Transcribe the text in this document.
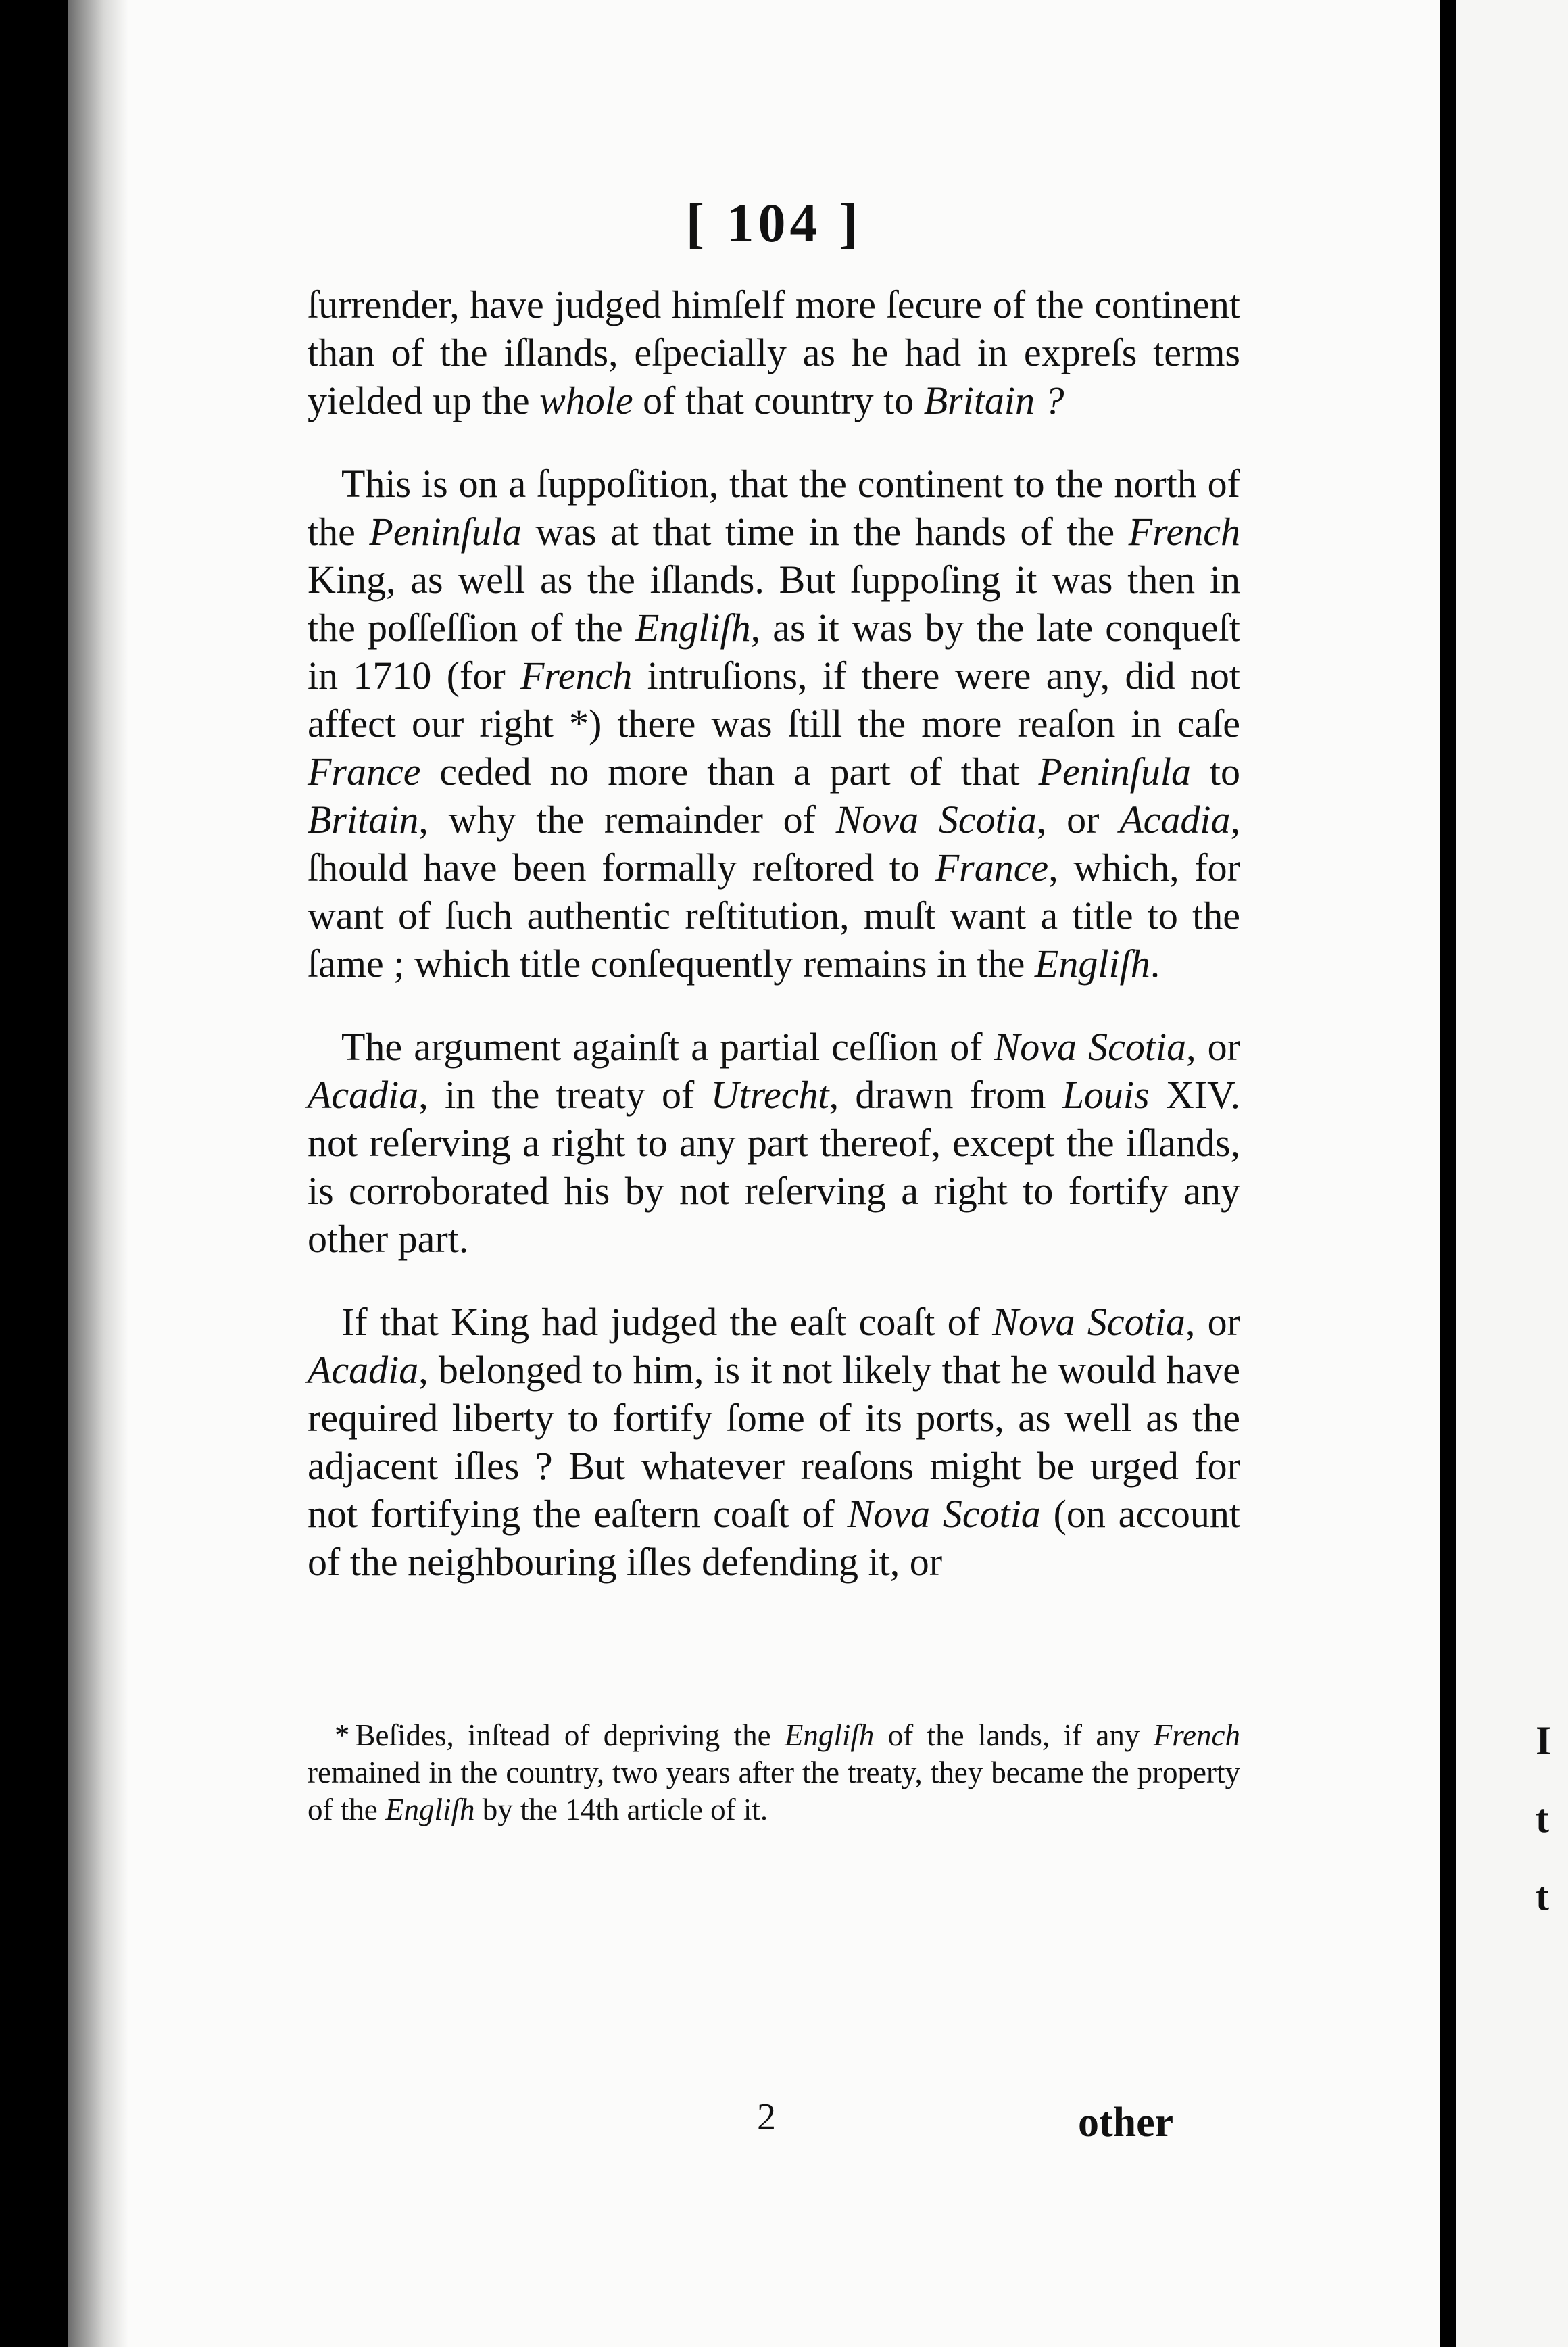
I
t
t
[ 104 ]

ſurrender, have judged himſelf more ſecure of the continent than of the iſlands, eſpecially as he had in expreſs terms yielded up the whole of that country to Britain ?

This is on a ſuppoſition, that the continent to the north of the Peninſula was at that time in the hands of the French King, as well as the iſlands. But ſuppoſing it was then in the poſſeſſion of the Engliſh, as it was by the late conqueſt in 1710 (for French intruſions, if there were any, did not affect our right *) there was ſtill the more reaſon in caſe France ceded no more than a part of that Peninſula to Britain, why the remainder of Nova Scotia, or Acadia, ſhould have been formally reſtored to France, which, for want of ſuch authentic reſtitution, muſt want a title to the ſame ; which title conſequently remains in the Engliſh.

The argument againſt a partial ceſſion of Nova Scotia, or Acadia, in the treaty of Utrecht, drawn from Louis XIV. not reſerving a right to any part thereof, except the iſlands, is corroborated his by not reſerving a right to fortify any other part.

If that King had judged the eaſt coaſt of Nova Scotia, or Acadia, belonged to him, is it not likely that he would have required liberty to fortify ſome of its ports, as well as the adjacent iſles ? But whatever reaſons might be urged for not fortifying the eaſtern coaſt of Nova Scotia (on account of the neighbouring iſles defending it, or

* Beſides, inſtead of depriving the Engliſh of the lands, if any French remained in the country, two years after the treaty, they became the property of the Engliſh by the 14th article of it.
2	other
